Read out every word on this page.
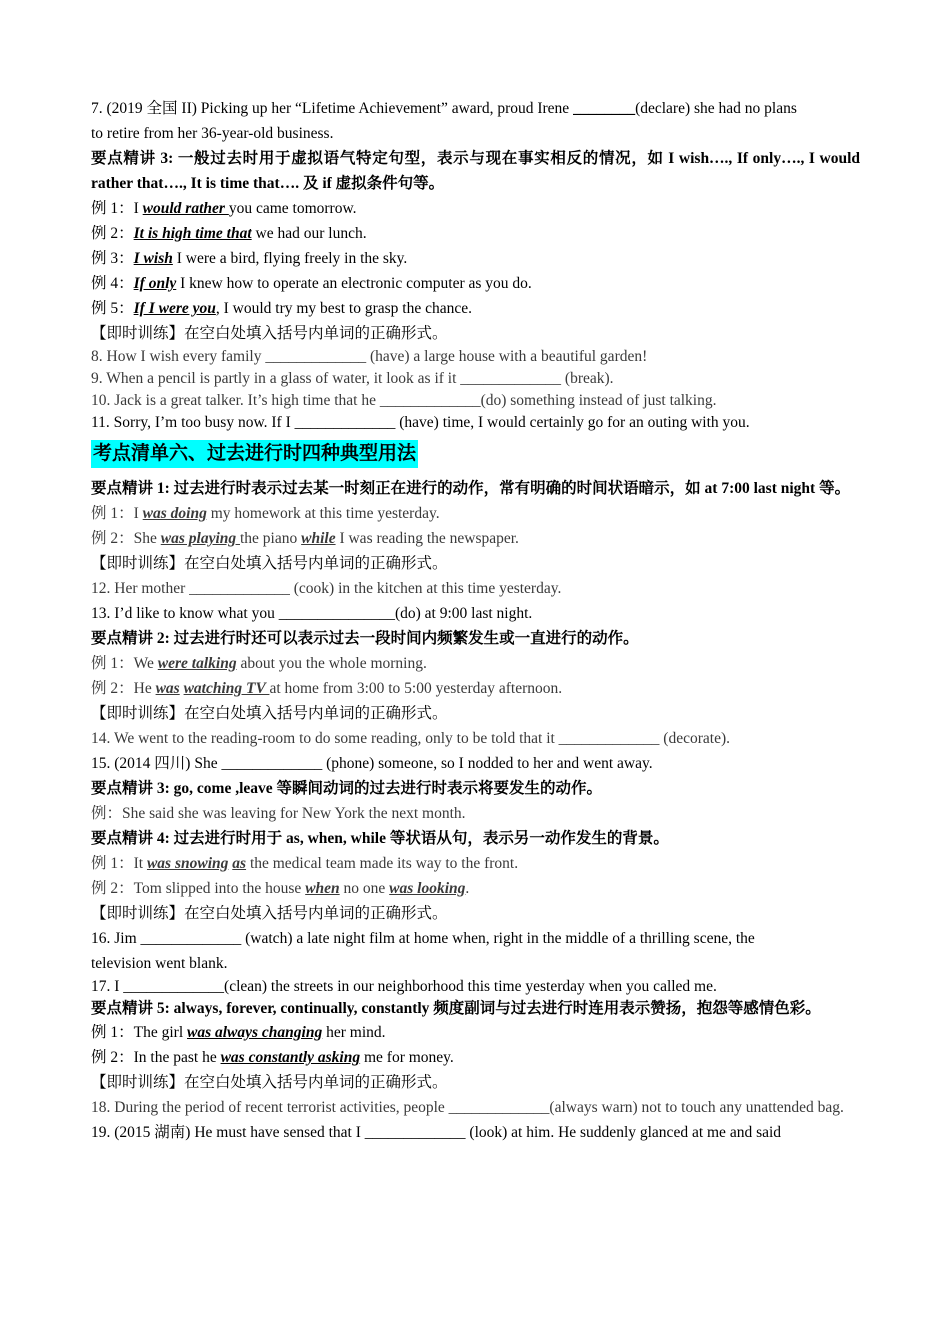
7. (2019 全国 II) Picking up her “Lifetime Achievement” award, proud Irene ________(declare) she had no plans
to retire from her 36-year-old business.
要点精讲 3: 一般过去时用于虚拟语气特定句型，表示与现在事实相反的情况，如 I wish…., If only…., I would rather that…., It is time that…. 及 if 虚拟条件句等。
例 1：I would rather you came tomorrow.
例 2：It is high time that we had our lunch.
例 3：I wish I were a bird, flying freely in the sky.
例 4：If only I knew how to operate an electronic computer as you do.
例 5：If I were you, I would try my best to grasp the chance.
【即时训练】在空白处填入括号内单词的正确形式。
8. How I wish every family _____________ (have) a large house with a beautiful garden!
9. When a pencil is partly in a glass of water, it look as if it _____________ (break).
10. Jack is a great talker. It’s high time that he _____________(do) something instead of just talking.
11. Sorry, I’m too busy now. If I _____________ (have) time, I would certainly go for an outing with you.
考点清单六、过去进行时四种典型用法
要点精讲 1: 过去进行时表示过去某一时刻正在进行的动作，常有明确的时间状语暗示，如 at 7:00 last night 等。
例 1：I was doing my homework at this time yesterday.
例 2：She was playing the piano while I was reading the newspaper.
【即时训练】在空白处填入括号内单词的正确形式。
12. Her mother _____________ (cook) in the kitchen at this time yesterday.
13. I’d like to know what you _______________(do) at 9:00 last night.
要点精讲 2: 过去进行时还可以表示过去一段时间内频繁发生或一直进行的动作。
例 1：We were talking about you the whole morning.
例 2：He was watching TV at home from 3:00 to 5:00 yesterday afternoon.
【即时训练】在空白处填入括号内单词的正确形式。
14. We went to the reading-room to do some reading, only to be told that it _____________ (decorate).
15. (2014 四川) She _____________ (phone) someone, so I nodded to her and went away.
要点精讲 3: go, come ,leave 等瞬间动词的过去进行时表示将要发生的动作。
例：She said she was leaving for New York the next month.
要点精讲 4: 过去进行时用于 as, when, while 等状语从句，表示另一动作发生的背景。
例 1：It was snowing as the medical team made its way to the front.
例 2：Tom slipped into the house when no one was looking.
【即时训练】在空白处填入括号内单词的正确形式。
16. Jim _____________ (watch) a late night film at home when, right in the middle of a thrilling scene, the
television went blank.
17. I _____________(clean) the streets in our neighborhood this time yesterday when you called me.
要点精讲 5: always, forever, continually, constantly 频度副词与过去进行时连用表示赞扬，抱怨等感情色彩。
例 1：The girl was always changing her mind.
例 2：In the past he was constantly asking me for money.
【即时训练】在空白处填入括号内单词的正确形式。
18. During the period of recent terrorist activities, people _____________(always warn) not to touch any unattended bag.
19. (2015 湖南) He must have sensed that I _____________ (look) at him. He suddenly glanced at me and said
